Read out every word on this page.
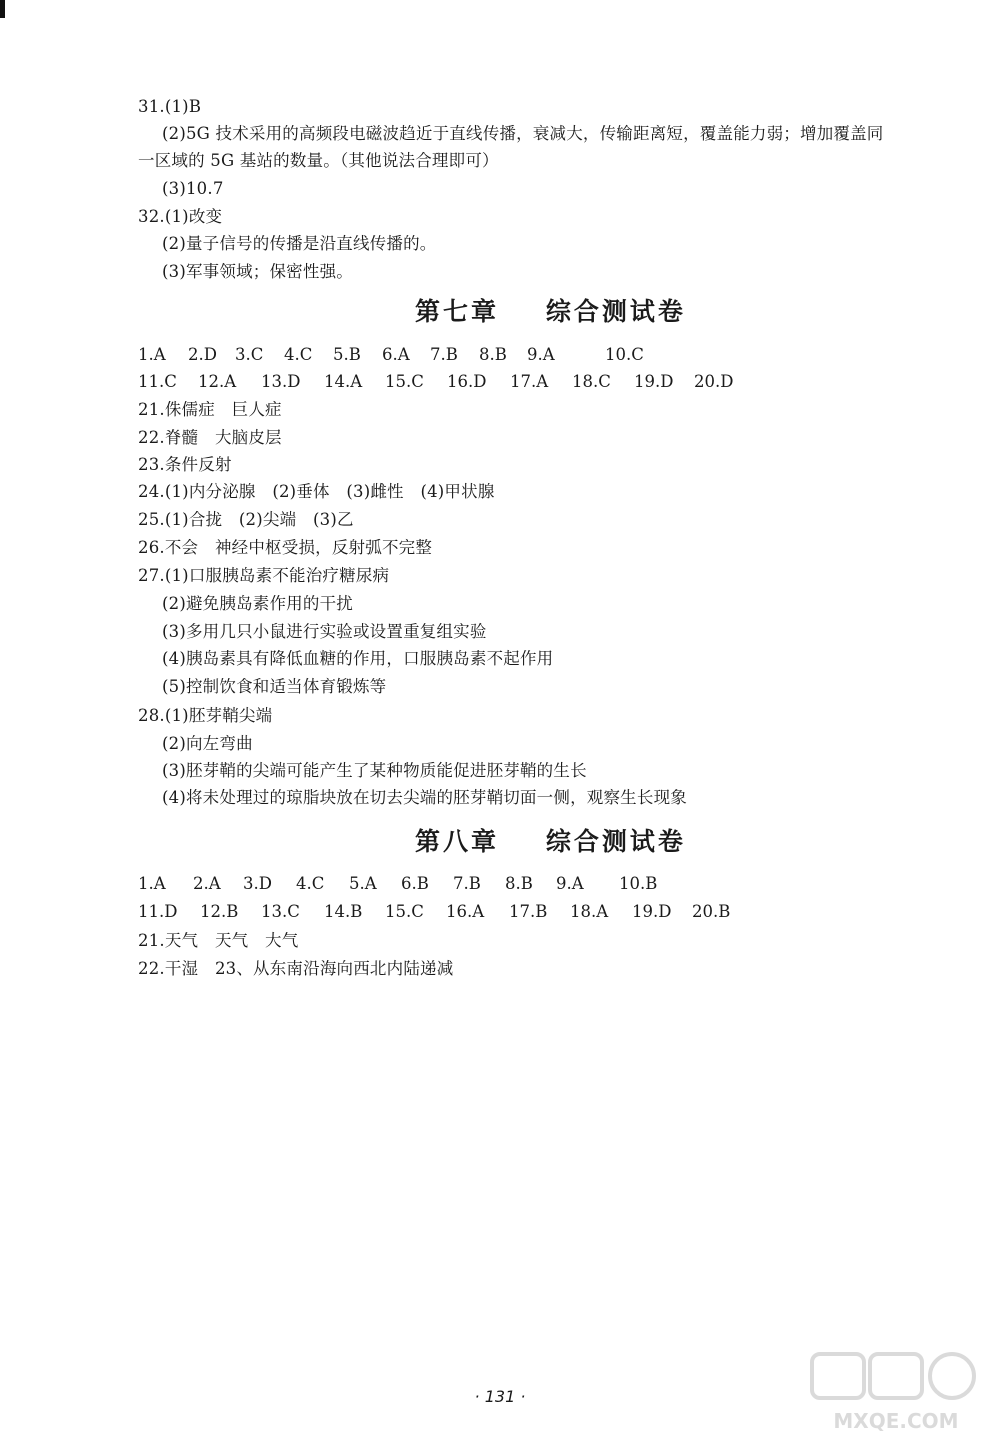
31.(1)B
(2)5G 技术采用的高频段电磁波趋近于直线传播，衰减大，传输距离短，覆盖能力弱；增加覆盖同
一区域的 5G 基站的数量。（其他说法合理即可）
(3)10.7
32.(1)改变
(2)量子信号的传播是沿直线传播的。
(3)军事领域；保密性强。
第七章    综合测试卷
1.A 2.D 3.C 4.C 5.B 6.A 7.B 8.B 9.A	10.C
11.C 12.A 13.D 14.A 15.C 16.D 17.A 18.C 19.D 20.D
21.侏儒症　巨人症
22.脊髓　大脑皮层
23.条件反射
24.(1)内分泌腺　(2)垂体　(3)雌性　(4)甲状腺
25.(1)合拢　(2)尖端　(3)乙
26.不会　神经中枢受损，反射弧不完整
27.(1)口服胰岛素不能治疗糖尿病
(2)避免胰岛素作用的干扰
(3)多用几只小鼠进行实验或设置重复组实验
(4)胰岛素具有降低血糖的作用，口服胰岛素不起作用
(5)控制饮食和适当体育锻炼等
28.(1)胚芽鞘尖端
(2)向左弯曲
(3)胚芽鞘的尖端可能产生了某种物质能促进胚芽鞘的生长
(4)将未处理过的琼脂块放在切去尖端的胚芽鞘切面一侧，观察生长现象
第八章    综合测试卷
1.A 2.A 3.D 4.C 5.A 6.B 7.B 8.B 9.A 10.B
11.D 12.B 13.C 14.B 15.C 16.A 17.B 18.A 19.D 20.B
21.天气　天气　大气
22.干湿　23、从东南沿海向西北内陆递减
· 131 ·
MXQE.COM
